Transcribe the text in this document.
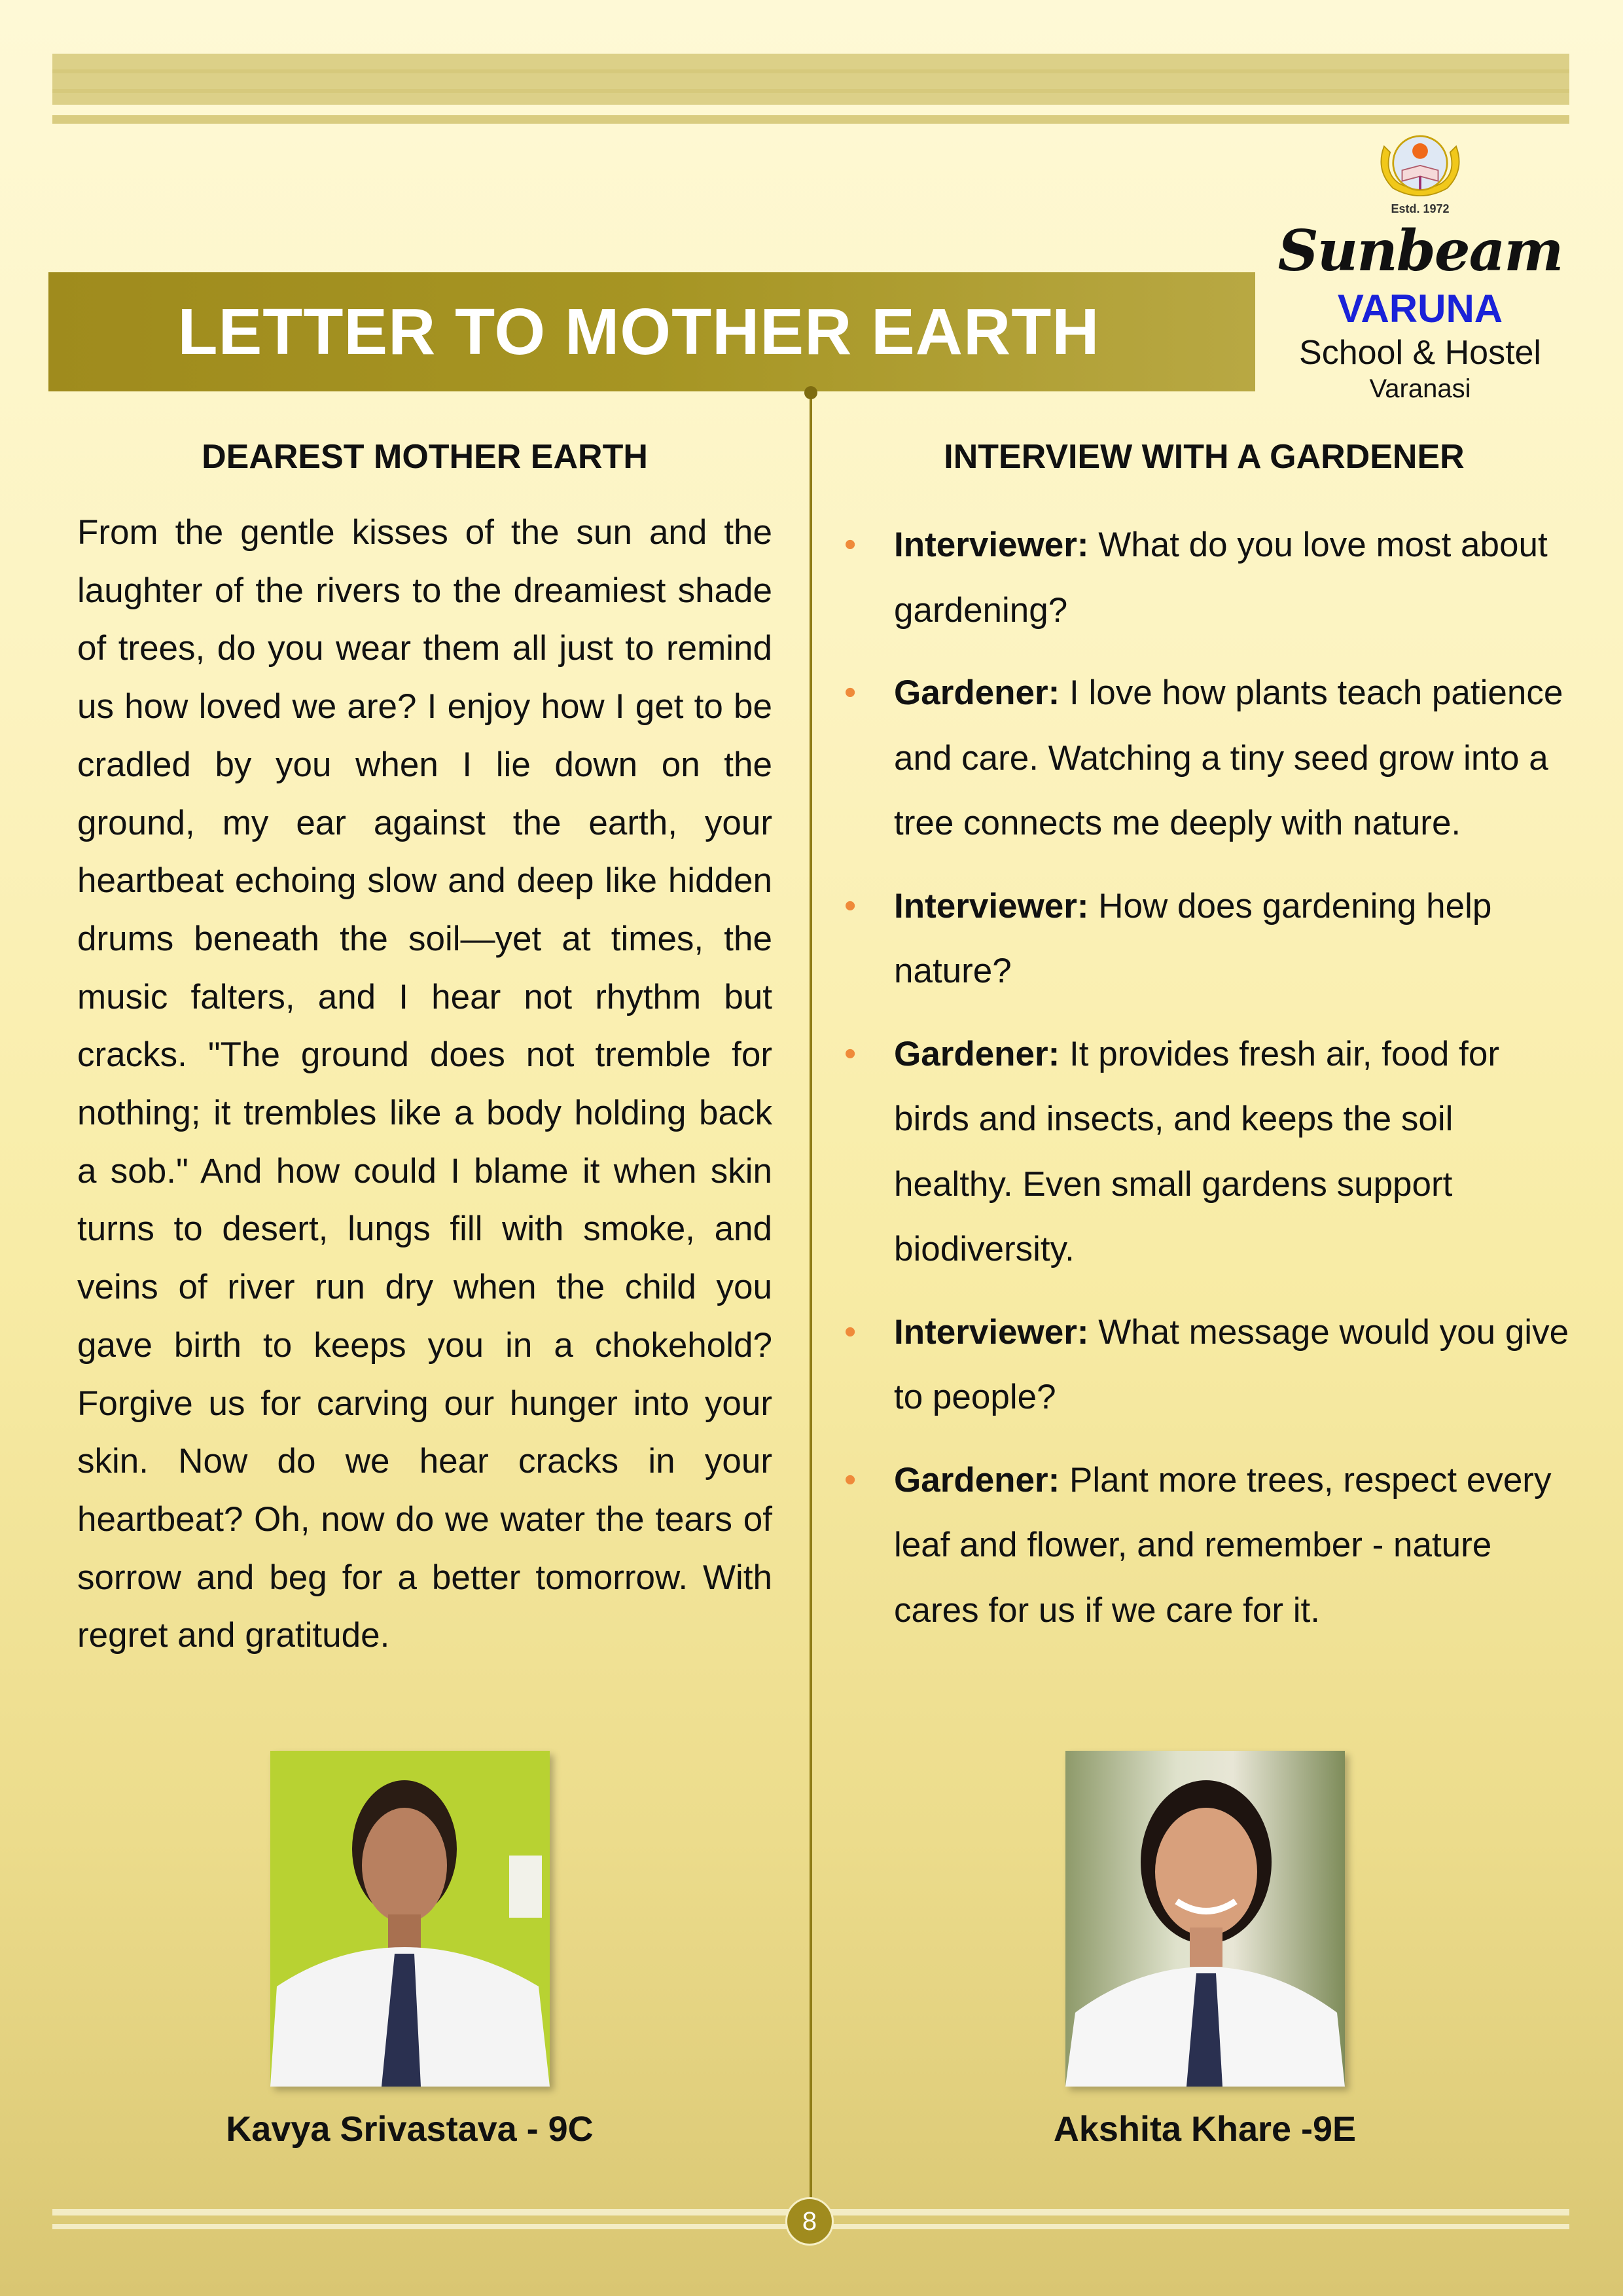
LETTER TO MOTHER EARTH
Estd. 1972
Sunbeam
VARUNA
School & Hostel
Varanasi
DEAREST MOTHER EARTH

From the gentle kisses of the sun and the laughter of the rivers to the dreamiest shade of trees, do you wear them all just to remind us how loved we are? I enjoy how I get to be cradled by you when I lie down on the ground, my ear against the earth, your heartbeat echoing slow and deep like hidden drums beneath the soil—yet at times, the music falters, and I hear not rhythm but cracks. "The ground does not tremble for nothing; it trembles like a body holding back a sob." And how could I blame it when skin turns to desert, lungs fill with smoke, and veins of river run dry when the child you gave birth to keeps you in a chokehold? Forgive us for carving our hunger into your skin. Now do we hear cracks in your heartbeat? Oh, now do we water the tears of sorrow and beg for a better tomorrow. With regret and gratitude.

INTERVIEW WITH A GARDENER
• Interviewer: What do you love most about gardening?
• Gardener: I love how plants teach patience and care. Watching a tiny seed grow into a tree connects me deeply with nature.
• Interviewer: How does gardening help nature?
• Gardener: It provides fresh air, food for birds and insects, and keeps the soil healthy. Even small gardens support biodiversity.
• Interviewer: What message would you give to people?
• Gardener: Plant more trees, respect every leaf and flower, and remember - nature cares for us if we care for it.
Kavya Srivastava - 9C	Akshita Khare -9E
8
